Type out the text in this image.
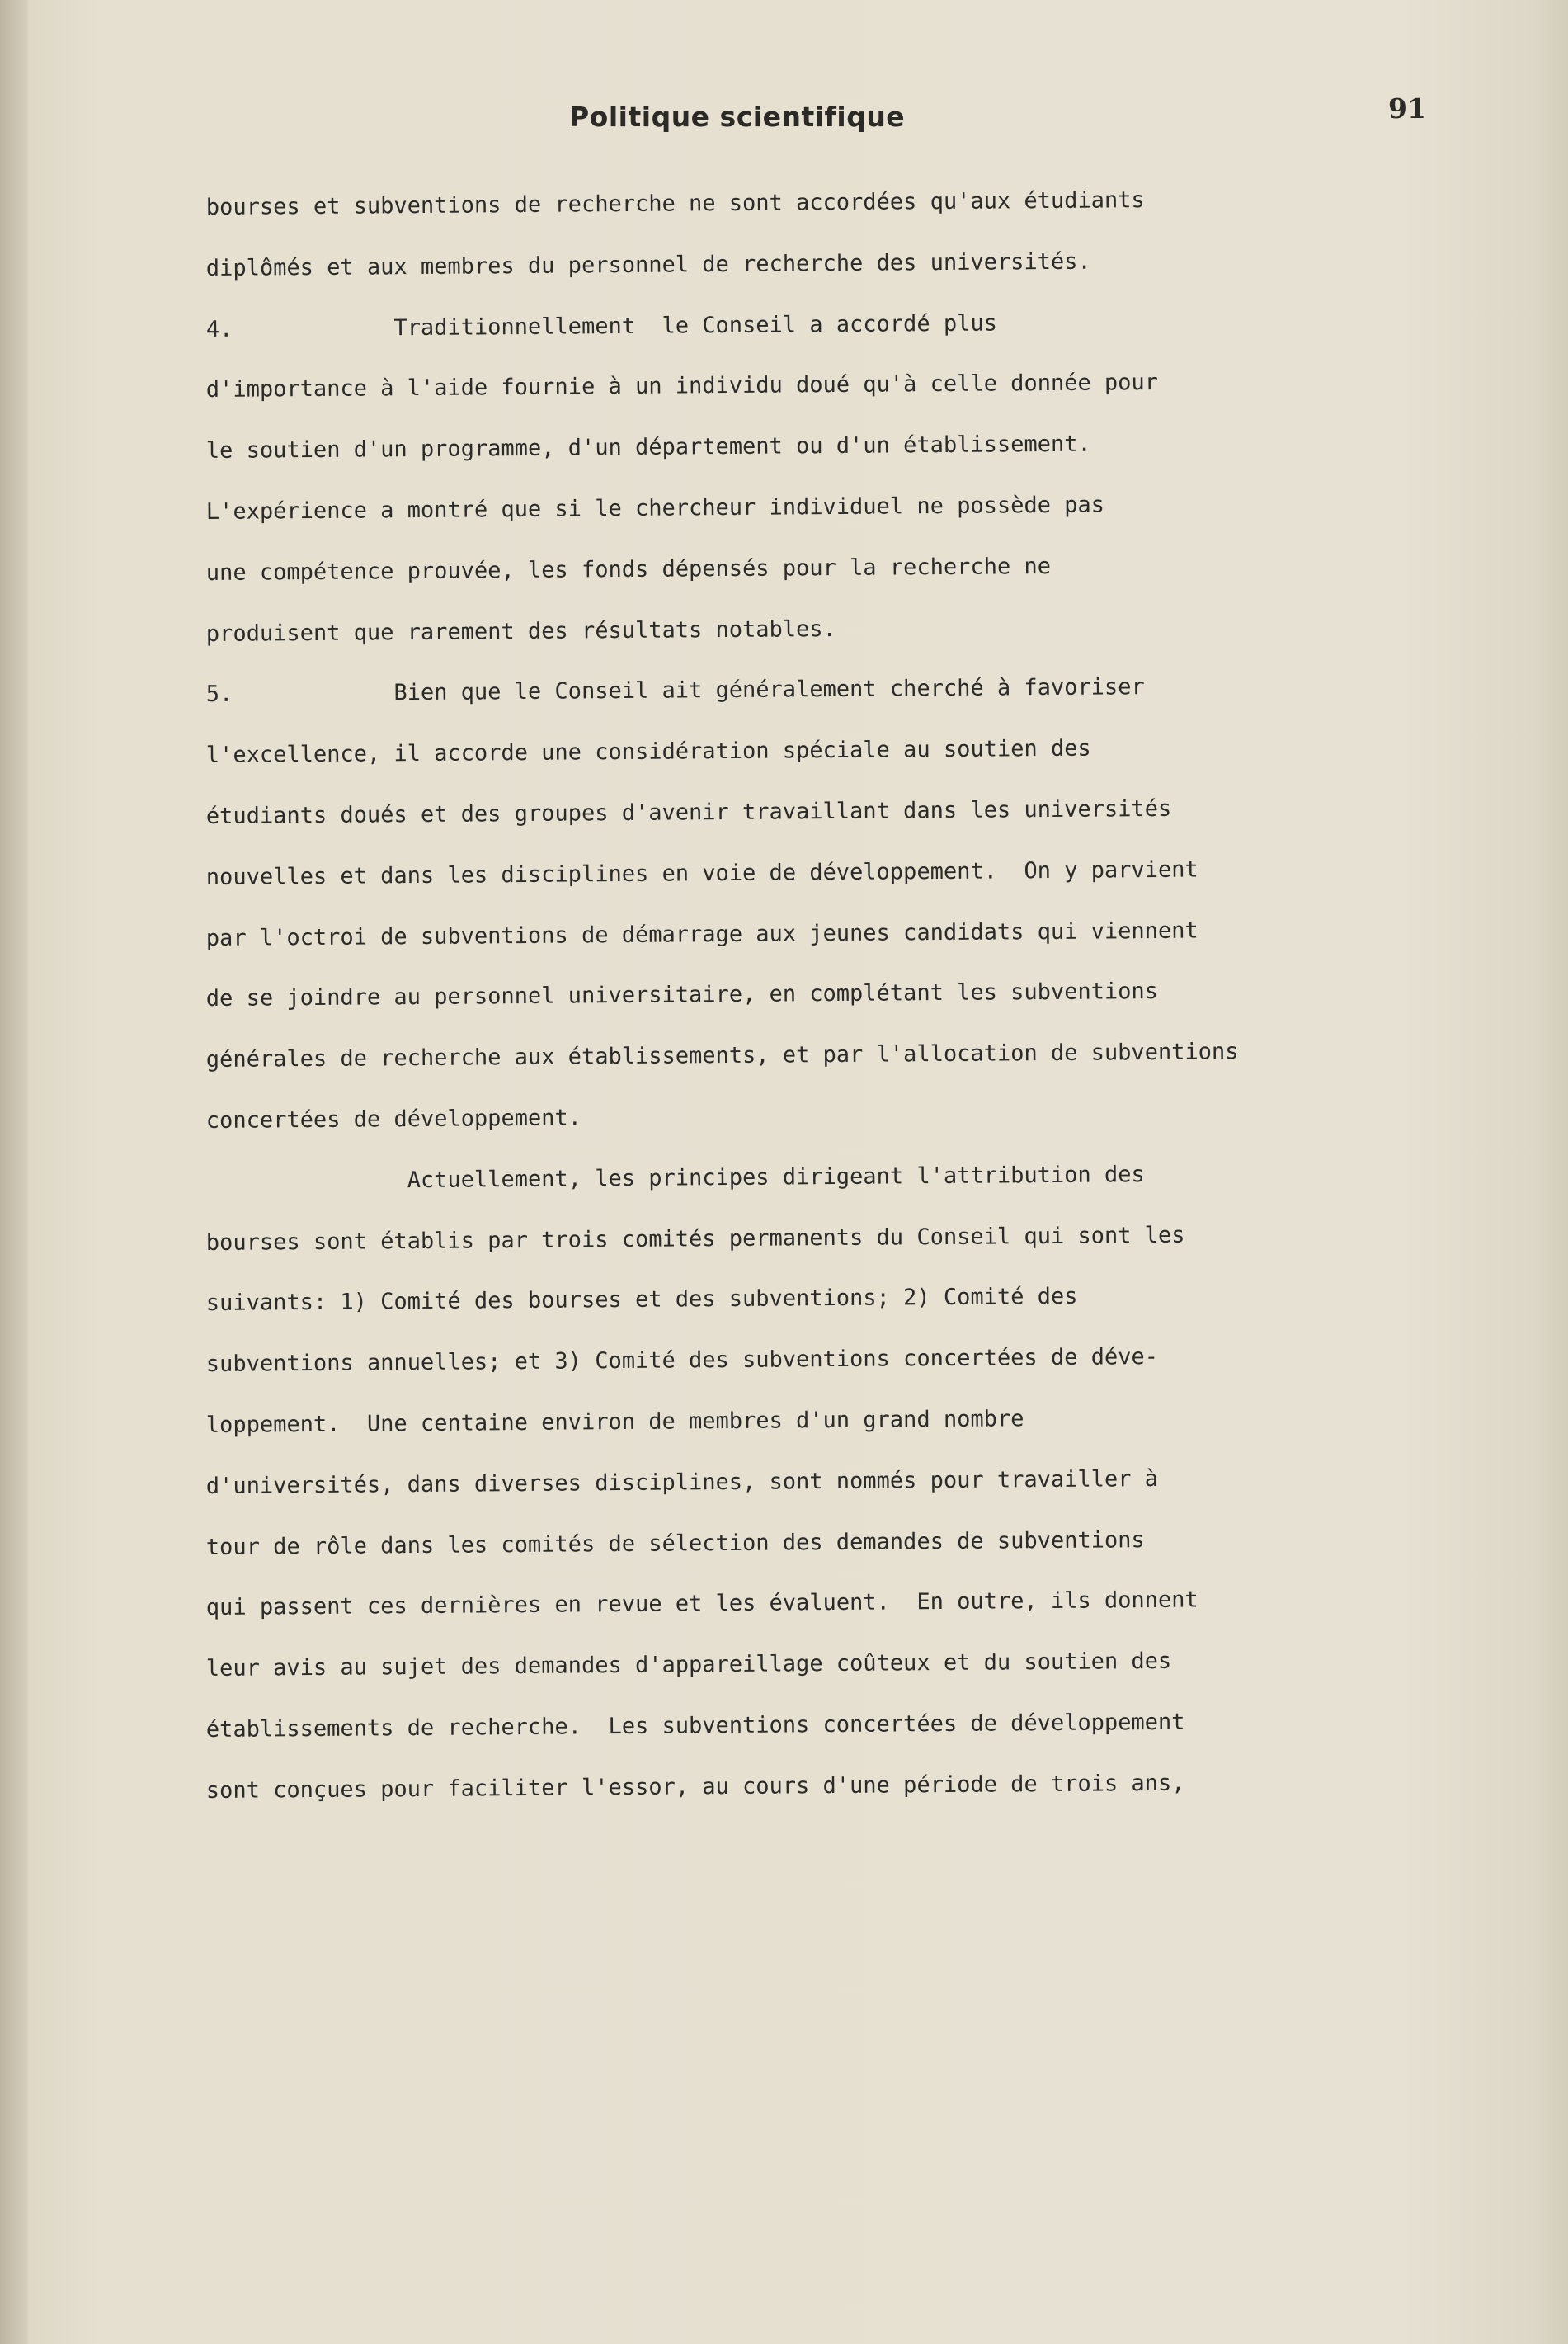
Politique scientifique	91
bourses et subventions de recherche ne sont accordées qu'aux étudiants
diplômés et aux membres du personnel de recherche des universités.
4.            Traditionnellement  le Conseil a accordé plus
d'importance à l'aide fournie à un individu doué qu'à celle donnée pour
le soutien d'un programme, d'un département ou d'un établissement.
L'expérience a montré que si le chercheur individuel ne possède pas
une compétence prouvée, les fonds dépensés pour la recherche ne
produisent que rarement des résultats notables.
5.            Bien que le Conseil ait généralement cherché à favoriser
l'excellence, il accorde une considération spéciale au soutien des
étudiants doués et des groupes d'avenir travaillant dans les universités
nouvelles et dans les disciplines en voie de développement.  On y parvient
par l'octroi de subventions de démarrage aux jeunes candidats qui viennent
de se joindre au personnel universitaire, en complétant les subventions
générales de recherche aux établissements, et par l'allocation de subventions
concertées de développement.
Actuellement, les principes dirigeant l'attribution des
bourses sont établis par trois comités permanents du Conseil qui sont les
suivants: 1) Comité des bourses et des subventions; 2) Comité des
subventions annuelles; et 3) Comité des subventions concertées de déve-
loppement.  Une centaine environ de membres d'un grand nombre
d'universités, dans diverses disciplines, sont nommés pour travailler à
tour de rôle dans les comités de sélection des demandes de subventions
qui passent ces dernières en revue et les évaluent.  En outre, ils donnent
leur avis au sujet des demandes d'appareillage coûteux et du soutien des
établissements de recherche.  Les subventions concertées de développement
sont conçues pour faciliter l'essor, au cours d'une période de trois ans,
